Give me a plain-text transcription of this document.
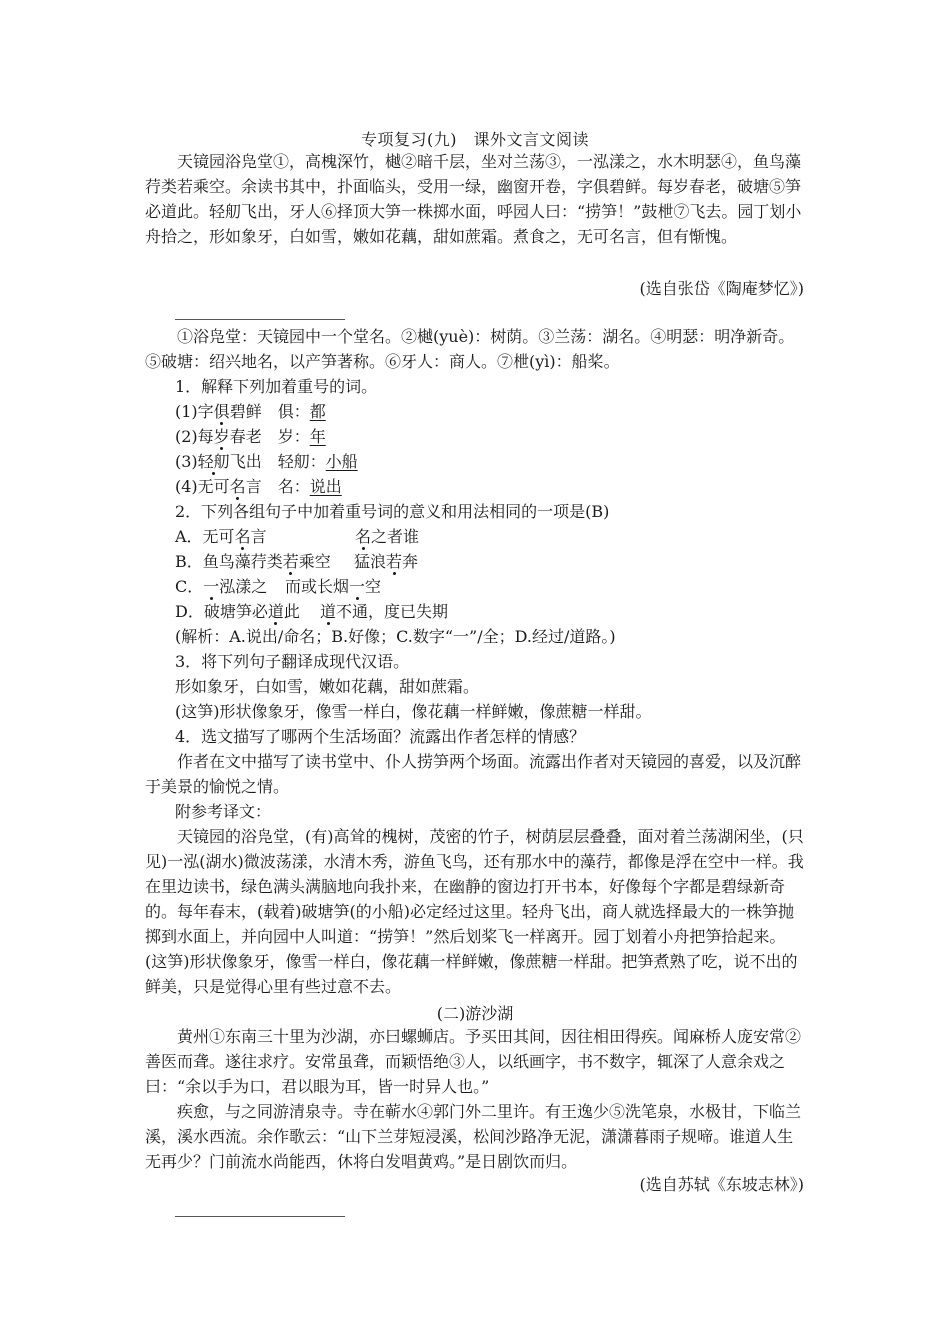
专项复习(九)　课外文言文阅读
天镜园浴凫堂①，高槐深竹，樾②暗千层，坐对兰荡③，一泓漾之，水木明瑟④，鱼鸟藻荇类若乘空。余读书其中，扑面临头，受用一绿，幽窗开卷，字俱碧鲜。每岁春老，破塘⑤笋必道此。轻舠飞出，牙人⑥择顶大笋一株掷水面，呼园人曰：“捞笋！”鼓枻⑦飞去。园丁划小舟拾之，形如象牙，白如雪，嫩如花藕，甜如蔗霜。煮食之，无可名言，但有惭愧。
(选自张岱《陶庵梦忆》)
①浴凫堂：天镜园中一个堂名。②樾(yuè)：树荫。③兰荡：湖名。④明瑟：明净新奇。⑤破塘：绍兴地名，以产笋著称。⑥牙人：商人。⑦枻(yì)：船桨。
1．解释下列加着重号的词。
(1)字俱碧鲜　俱：都
(2)每岁春老　岁：年
(3)轻舠飞出　轻舠：小船
(4)无可名言　名：说出
2．下列各组句子中加着重号词的意义和用法相同的一项是(B)
A．无可名言	名之者谁
B．鱼鸟藻荇类若乘空 猛浪若奔
C．一泓漾之 而或长烟一空
D．破塘笋必道此 道不通，度已失期
(解析：A.说出/命名；B.好像；C.数字“一”/全；D.经过/道路。)
3．将下列句子翻译成现代汉语。
形如象牙，白如雪，嫩如花藕，甜如蔗霜。
(这笋)形状像象牙，像雪一样白，像花藕一样鲜嫩，像蔗糖一样甜。
4．选文描写了哪两个生活场面？流露出作者怎样的情感？
作者在文中描写了读书堂中、仆人捞笋两个场面。流露出作者对天镜园的喜爱，以及沉醉于美景的愉悦之情。
附参考译文：
天镜园的浴凫堂，(有)高耸的槐树，茂密的竹子，树荫层层叠叠，面对着兰荡湖闲坐，(只见)一泓(湖水)微波荡漾，水清木秀，游鱼飞鸟，还有那水中的藻荇，都像是浮在空中一样。我在里边读书，绿色满头满脑地向我扑来，在幽静的窗边打开书本，好像每个字都是碧绿新奇的。每年春末，(载着)破塘笋(的小船)必定经过这里。轻舟飞出，商人就选择最大的一株笋抛掷到水面上，并向园中人叫道：“捞笋！”然后划桨飞一样离开。园丁划着小舟把笋拾起来。(这笋)形状像象牙，像雪一样白，像花藕一样鲜嫩，像蔗糖一样甜。把笋煮熟了吃，说不出的鲜美，只是觉得心里有些过意不去。
(二)游沙湖
黄州①东南三十里为沙湖，亦曰螺蛳店。予买田其间，因往相田得疾。闻麻桥人庞安常②善医而聋。遂往求疗。安常虽聋，而颖悟绝③人，以纸画字，书不数字，辄深了人意余戏之曰：“余以手为口，君以眼为耳，皆一时异人也。”
疾愈，与之同游清泉寺。寺在蕲水④郭门外二里许。有王逸少⑤洗笔泉，水极甘，下临兰溪，溪水西流。余作歌云：“山下兰芽短浸溪，松间沙路净无泥，潇潇暮雨子规啼。谁道人生无再少？门前流水尚能西，休将白发唱黄鸡。”是日剧饮而归。
(选自苏轼《东坡志林》)
